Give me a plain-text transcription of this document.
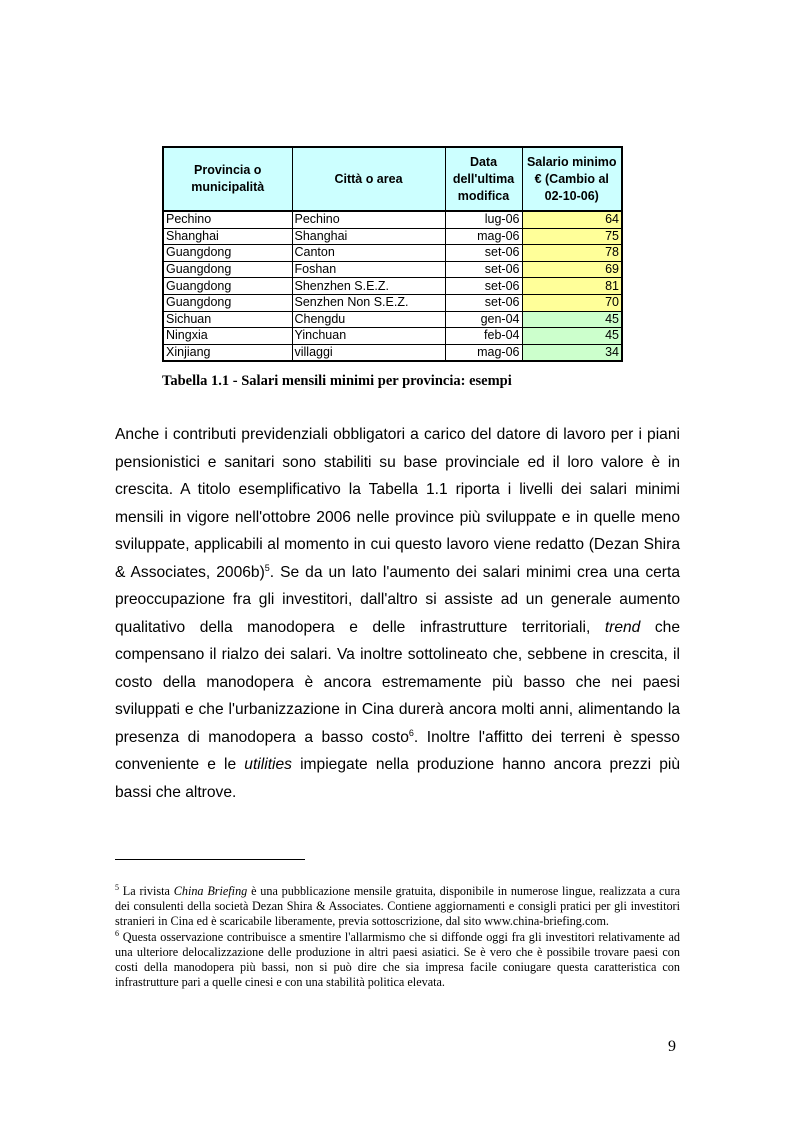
Provincia o municipalità	Città o area	Data dell'ultima modifica	Salario minimo € (Cambio al 02-10-06)
Pechino	Pechino	lug-06	64
Shanghai	Shanghai	mag-06	75
Guangdong	Canton	set-06	78
Guangdong	Foshan	set-06	69
Guangdong	Shenzhen S.E.Z.	set-06	81
Guangdong	Senzhen Non S.E.Z.	set-06	70
Sichuan	Chengdu	gen-04	45
Ningxia	Yinchuan	feb-04	45
Xinjiang	villaggi	mag-06	34

Tabella 1.1 - Salari mensili minimi per provincia: esempi

Anche i contributi previdenziali obbligatori a carico del datore di lavoro per i piani pensionistici e sanitari sono stabiliti su base provinciale ed il loro valore è in crescita. A titolo esemplificativo la Tabella 1.1 riporta i livelli dei salari minimi mensili in vigore nell'ottobre 2006 nelle province più sviluppate e in quelle meno sviluppate, applicabili al momento in cui questo lavoro viene redatto (Dezan Shira & Associates, 2006b)$^5$. Se da un lato l'aumento dei salari minimi crea una certa preoccupazione fra gli investitori, dall'altro si assiste ad un generale aumento qualitativo della manodopera e delle infrastrutture territoriali, trend che compensano il rialzo dei salari. Va inoltre sottolineato che, sebbene in crescita, il costo della manodopera è ancora estremamente più basso che nei paesi sviluppati e che l'urbanizzazione in Cina durerà ancora molti anni, alimentando la presenza di manodopera a basso costo$^6$. Inoltre l'affitto dei terreni è spesso conveniente e le utilities impiegate nella produzione hanno ancora prezzi più bassi che altrove.

$^5$ La rivista China Briefing è una pubblicazione mensile gratuita, disponibile in numerose lingue, realizzata a cura dei consulenti della società Dezan Shira & Associates. Contiene aggiornamenti e consigli pratici per gli investitori stranieri in Cina ed è scaricabile liberamente, previa sottoscrizione, dal sito www.china-briefing.com.

$^6$ Questa osservazione contribuisce a smentire l'allarmismo che si diffonde oggi fra gli investitori relativamente ad una ulteriore delocalizzazione delle produzione in altri paesi asiatici. Se è vero che è possibile trovare paesi con costi della manodopera più bassi, non si può dire che sia impresa facile coniugare questa caratteristica con infrastrutture pari a quelle cinesi e con una stabilità politica elevata.

9
